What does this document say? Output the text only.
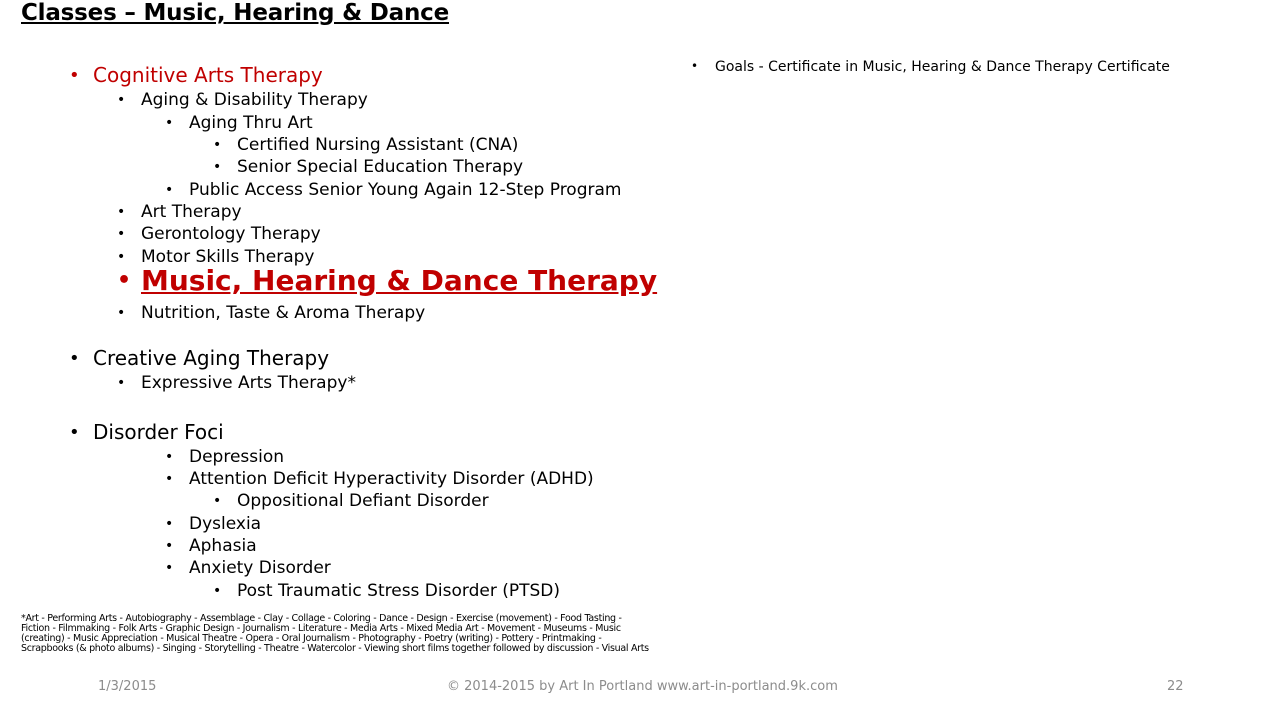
Classes – Music, Hearing & Dance
• Cognitive Arts Therapy
• Aging & Disability Therapy
• Aging Thru Art
• Certified Nursing Assistant (CNA)
• Senior Special Education Therapy
• Public Access Senior Young Again 12-Step Program
• Art Therapy
• Gerontology Therapy
• Motor Skills Therapy
• Music, Hearing & Dance Therapy
• Nutrition, Taste & Aroma Therapy
• Creative Aging Therapy
• Expressive Arts Therapy*
• Disorder Foci
• Depression
• Attention Deficit Hyperactivity Disorder (ADHD)
• Oppositional Defiant Disorder
• Dyslexia
• Aphasia
• Anxiety Disorder
• Post Traumatic Stress Disorder (PTSD)
• Goals - Certificate in Music, Hearing & Dance Therapy Certificate
*Art - Performing Arts - Autobiography - Assemblage - Clay - Collage - Coloring - Dance - Design - Exercise (movement) - Food Tasting - Fiction - Filmmaking - Folk Arts - Graphic Design - Journalism - Literature - Media Arts - Mixed Media Art - Movement - Museums - Music (creating) - Music Appreciation - Musical Theatre - Opera - Oral Journalism - Photography - Poetry (writing) - Pottery - Printmaking - Scrapbooks (& photo albums) - Singing - Storytelling - Theatre - Watercolor - Viewing short films together followed by discussion - Visual Arts
1/3/2015	© 2014-2015 by Art In Portland www.art-in-portland.9k.com	22
